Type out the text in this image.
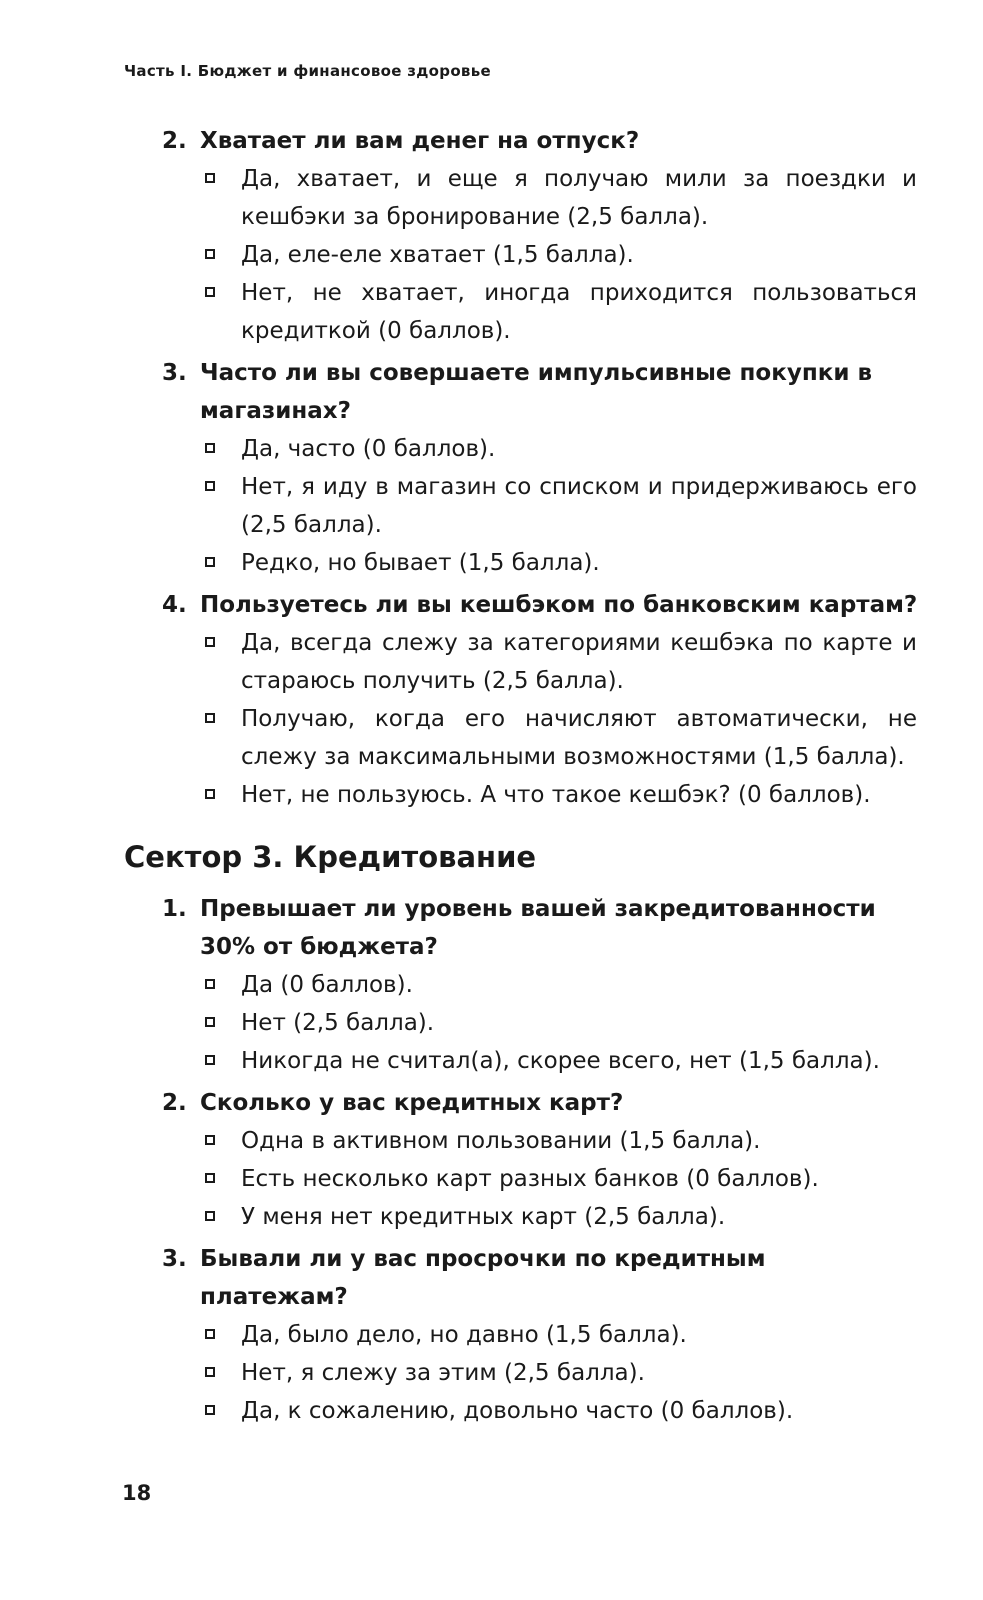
Часть I. Бюджет и финансовое здоровье
2. Хватает ли вам денег на отпуск?
Да, хватает, и еще я получаю мили за поездки и кешбэки за бронирование (2,5 балла).
Да, еле-еле хватает (1,5 балла).
Нет, не хватает, иногда приходится пользоваться кредиткой (0 баллов).
3. Часто ли вы совершаете импульсивные покупки в магазинах?
Да, часто (0 баллов).
Нет, я иду в магазин со списком и придерживаюсь его (2,5 балла).
Редко, но бывает (1,5 балла).
4. Пользуетесь ли вы кешбэком по банковским картам?
Да, всегда слежу за категориями кешбэка по карте и стараюсь получить (2,5 балла).
Получаю, когда его начисляют автоматически, не слежу за максимальными возможностями (1,5 балла).
Нет, не пользуюсь. А что такое кешбэк? (0 баллов).
Сектор 3. Кредитование
1. Превышает ли уровень вашей закредитованности 30% от бюджета?
Да (0 баллов).
Нет (2,5 балла).
Никогда не считал(а), скорее всего, нет (1,5 балла).
2. Сколько у вас кредитных карт?
Одна в активном пользовании (1,5 балла).
Есть несколько карт разных банков (0 баллов).
У меня нет кредитных карт (2,5 балла).
3. Бывали ли у вас просрочки по кредитным платежам?
Да, было дело, но давно (1,5 балла).
Нет, я слежу за этим (2,5 балла).
Да, к сожалению, довольно часто (0 баллов).
18
